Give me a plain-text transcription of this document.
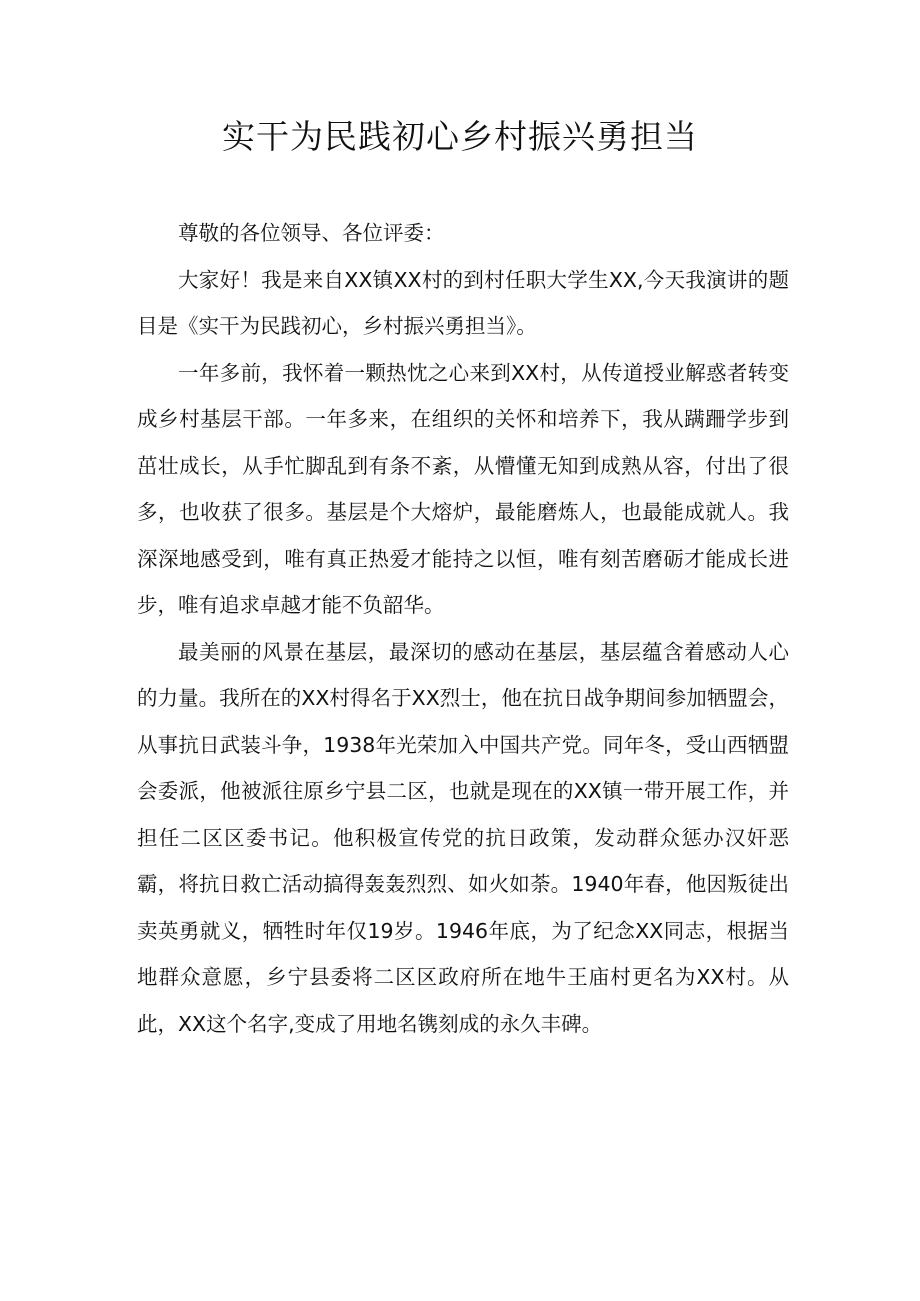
实干为民践初心乡村振兴勇担当

尊敬的各位领导、各位评委：

大家好！我是来自XX镇XX村的到村任职大学生XX,今天我演讲的题目是《实干为民践初心，乡村振兴勇担当》。

一年多前，我怀着一颗热忱之心来到XX村，从传道授业解惑者转变成乡村基层干部。一年多来，在组织的关怀和培养下，我从蹒跚学步到茁壮成长，从手忙脚乱到有条不紊，从懵懂无知到成熟从容，付出了很多，也收获了很多。基层是个大熔炉，最能磨炼人，也最能成就人。我深深地感受到，唯有真正热爱才能持之以恒，唯有刻苦磨砺才能成长进步，唯有追求卓越才能不负韶华。

最美丽的风景在基层，最深切的感动在基层，基层蕴含着感动人心的力量。我所在的XX村得名于XX烈士，他在抗日战争期间参加牺盟会，从事抗日武装斗争，1938年光荣加入中国共产党。同年冬，受山西牺盟会委派，他被派往原乡宁县二区，也就是现在的XX镇一带开展工作，并担任二区区委书记。他积极宣传党的抗日政策，发动群众惩办汉奸恶霸，将抗日救亡活动搞得轰轰烈烈、如火如荼。1940年春，他因叛徒出卖英勇就义，牺牲时年仅19岁。1946年底，为了纪念XX同志，根据当地群众意愿，乡宁县委将二区区政府所在地牛王庙村更名为XX村。从此，XX这个名字,变成了用地名镌刻成的永久丰碑。
